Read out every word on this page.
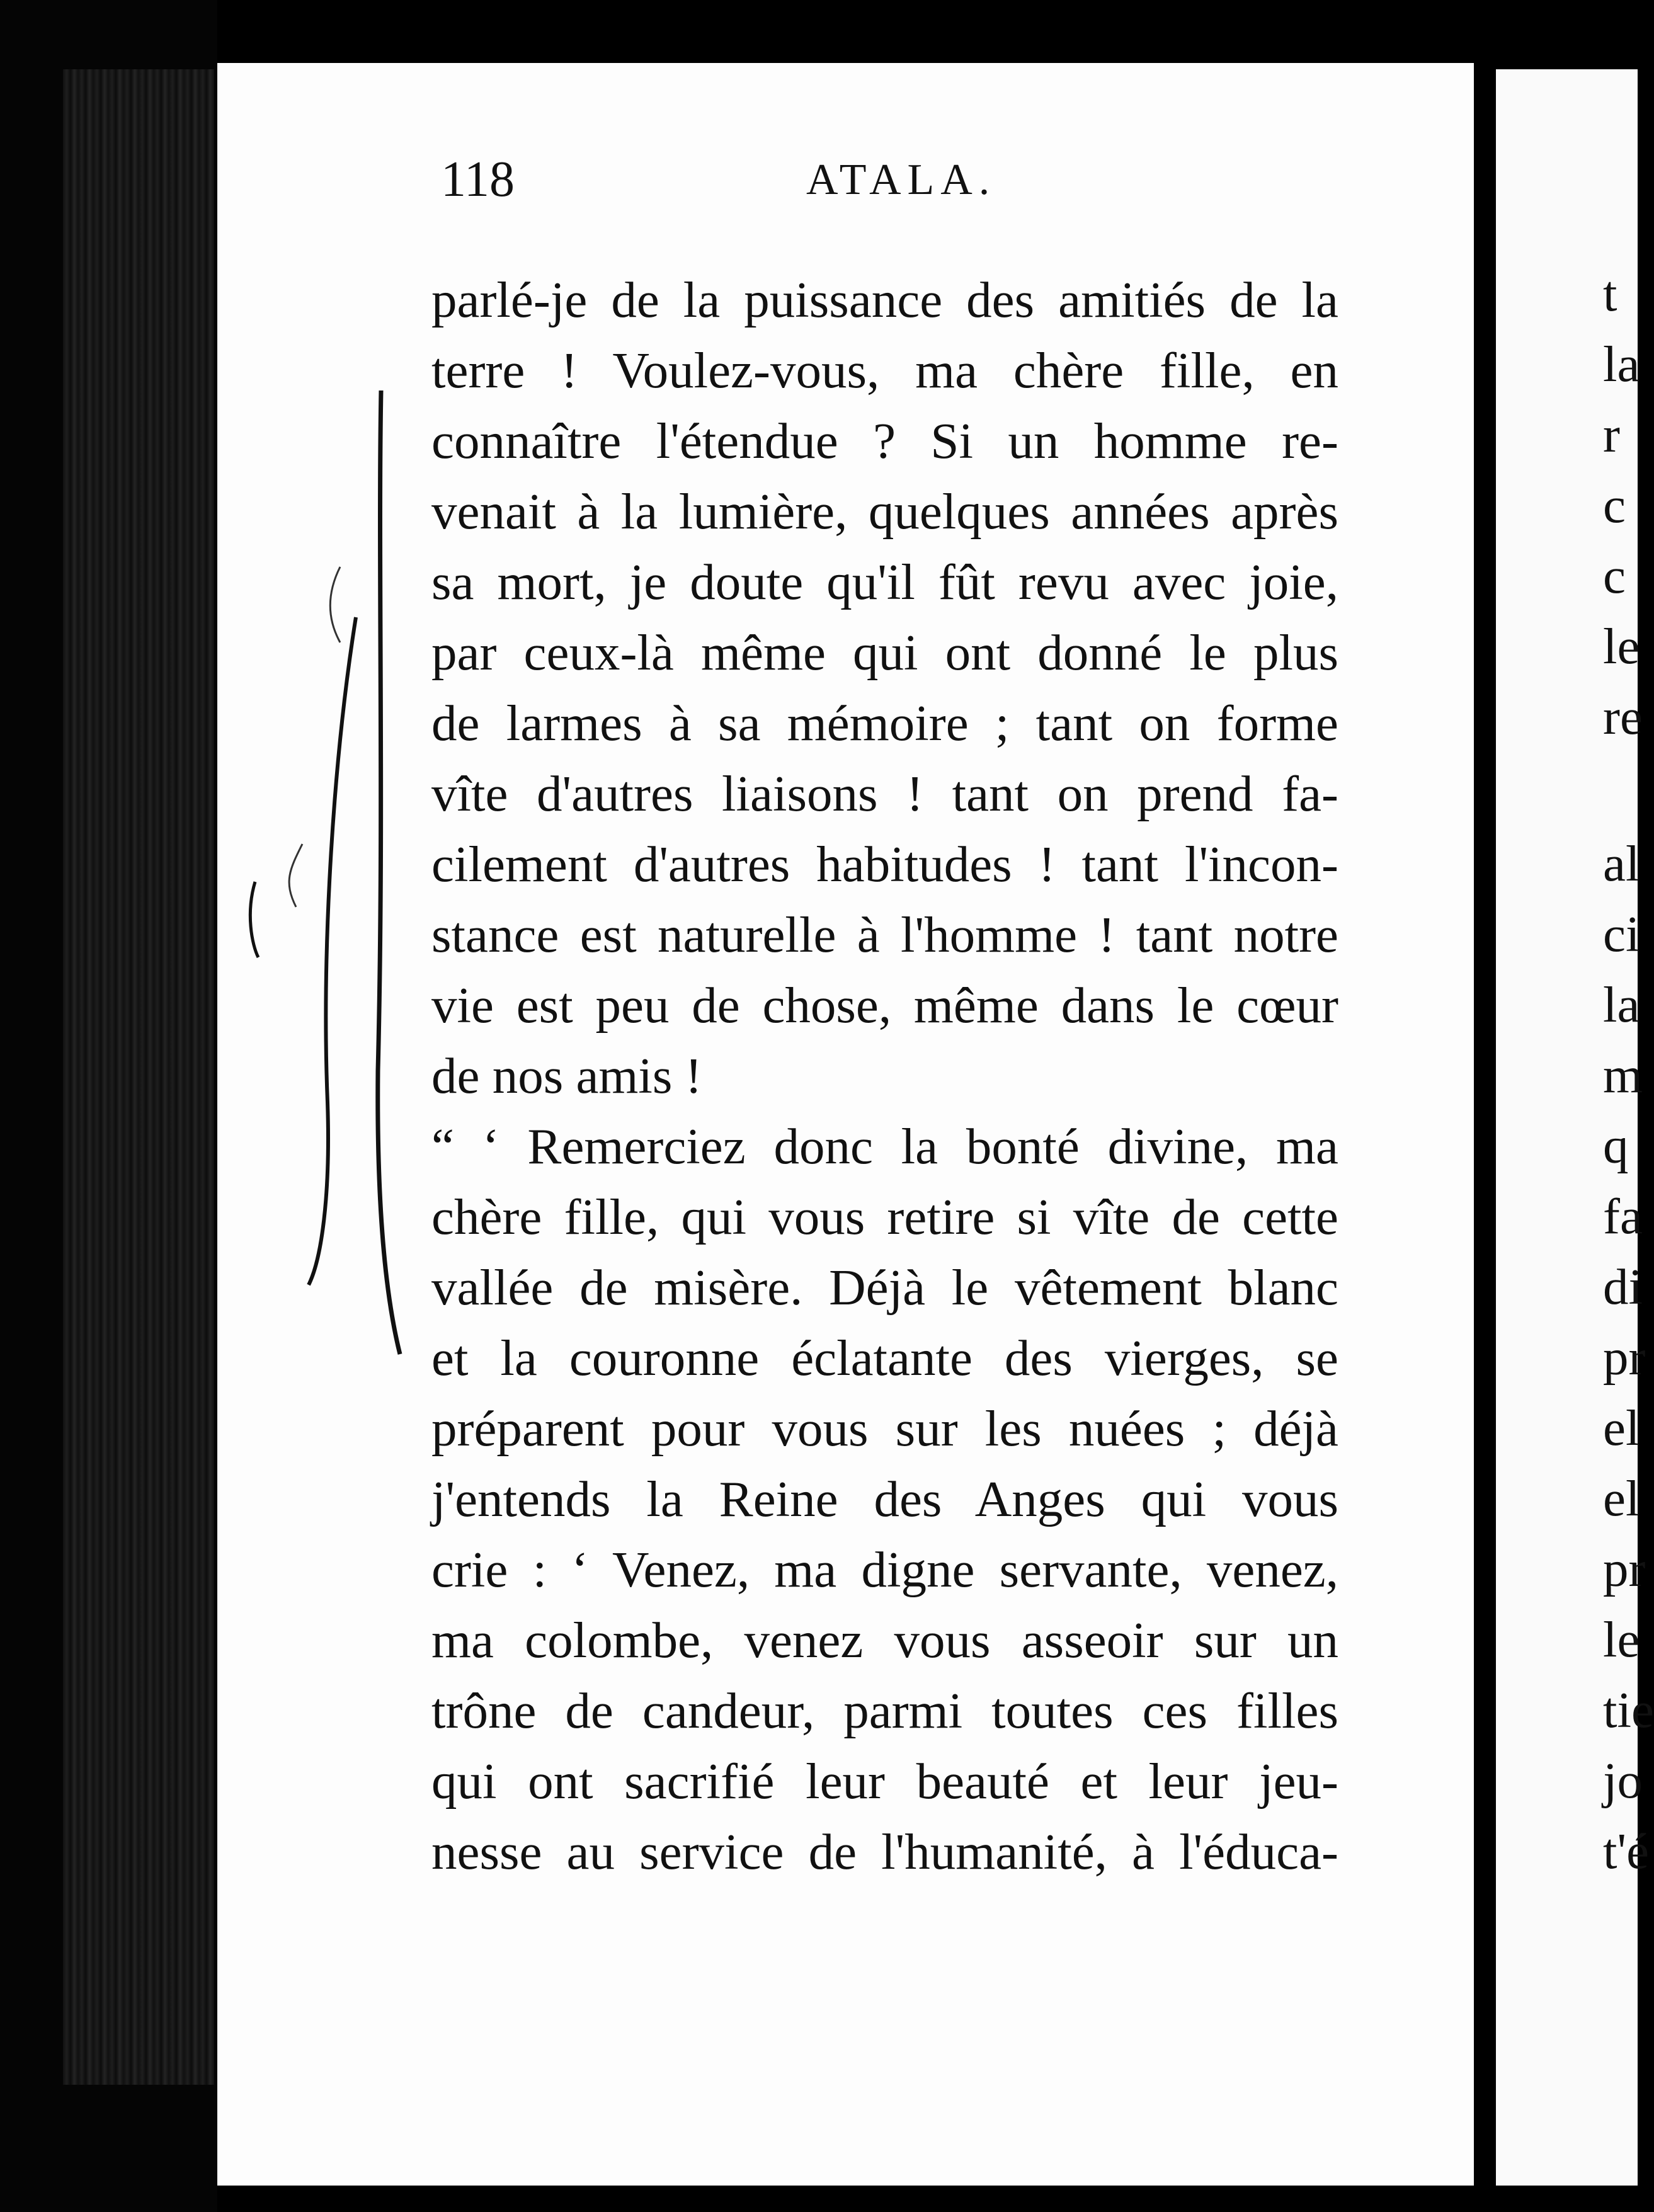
118	ATALA.
parlé-je de la puissance des amitiés de la
terre ! Voulez-vous, ma chère fille, en
connaître l'étendue ? Si un homme re-
venait à la lumière, quelques années après
sa mort, je doute qu'il fût revu avec joie,
par ceux-là même qui ont donné le plus
de larmes à sa mémoire ; tant on forme
vîte d'autres liaisons ! tant on prend fa-
cilement d'autres habitudes ! tant l'incon-
stance est naturelle à l'homme ! tant notre
vie est peu de chose, même dans le cœur
de nos amis !
“ ‘ Remerciez donc la bonté divine, ma
chère fille, qui vous retire si vîte de cette
vallée de misère. Déjà le vêtement blanc
et la couronne éclatante des vierges, se
préparent pour vous sur les nuées ; déjà
j'entends la Reine des Anges qui vous
crie : ‘ Venez, ma digne servante, venez,
ma colombe, venez vous asseoir sur un
trône de candeur, parmi toutes ces filles
qui ont sacrifié leur beauté et leur jeu-
nesse au service de l'humanité, à l'éduca-
t
la
r
c
c
le
re
al
ci
la
m
q
fa
di
pr
el
el
pr
le
tie
jo
t'é
